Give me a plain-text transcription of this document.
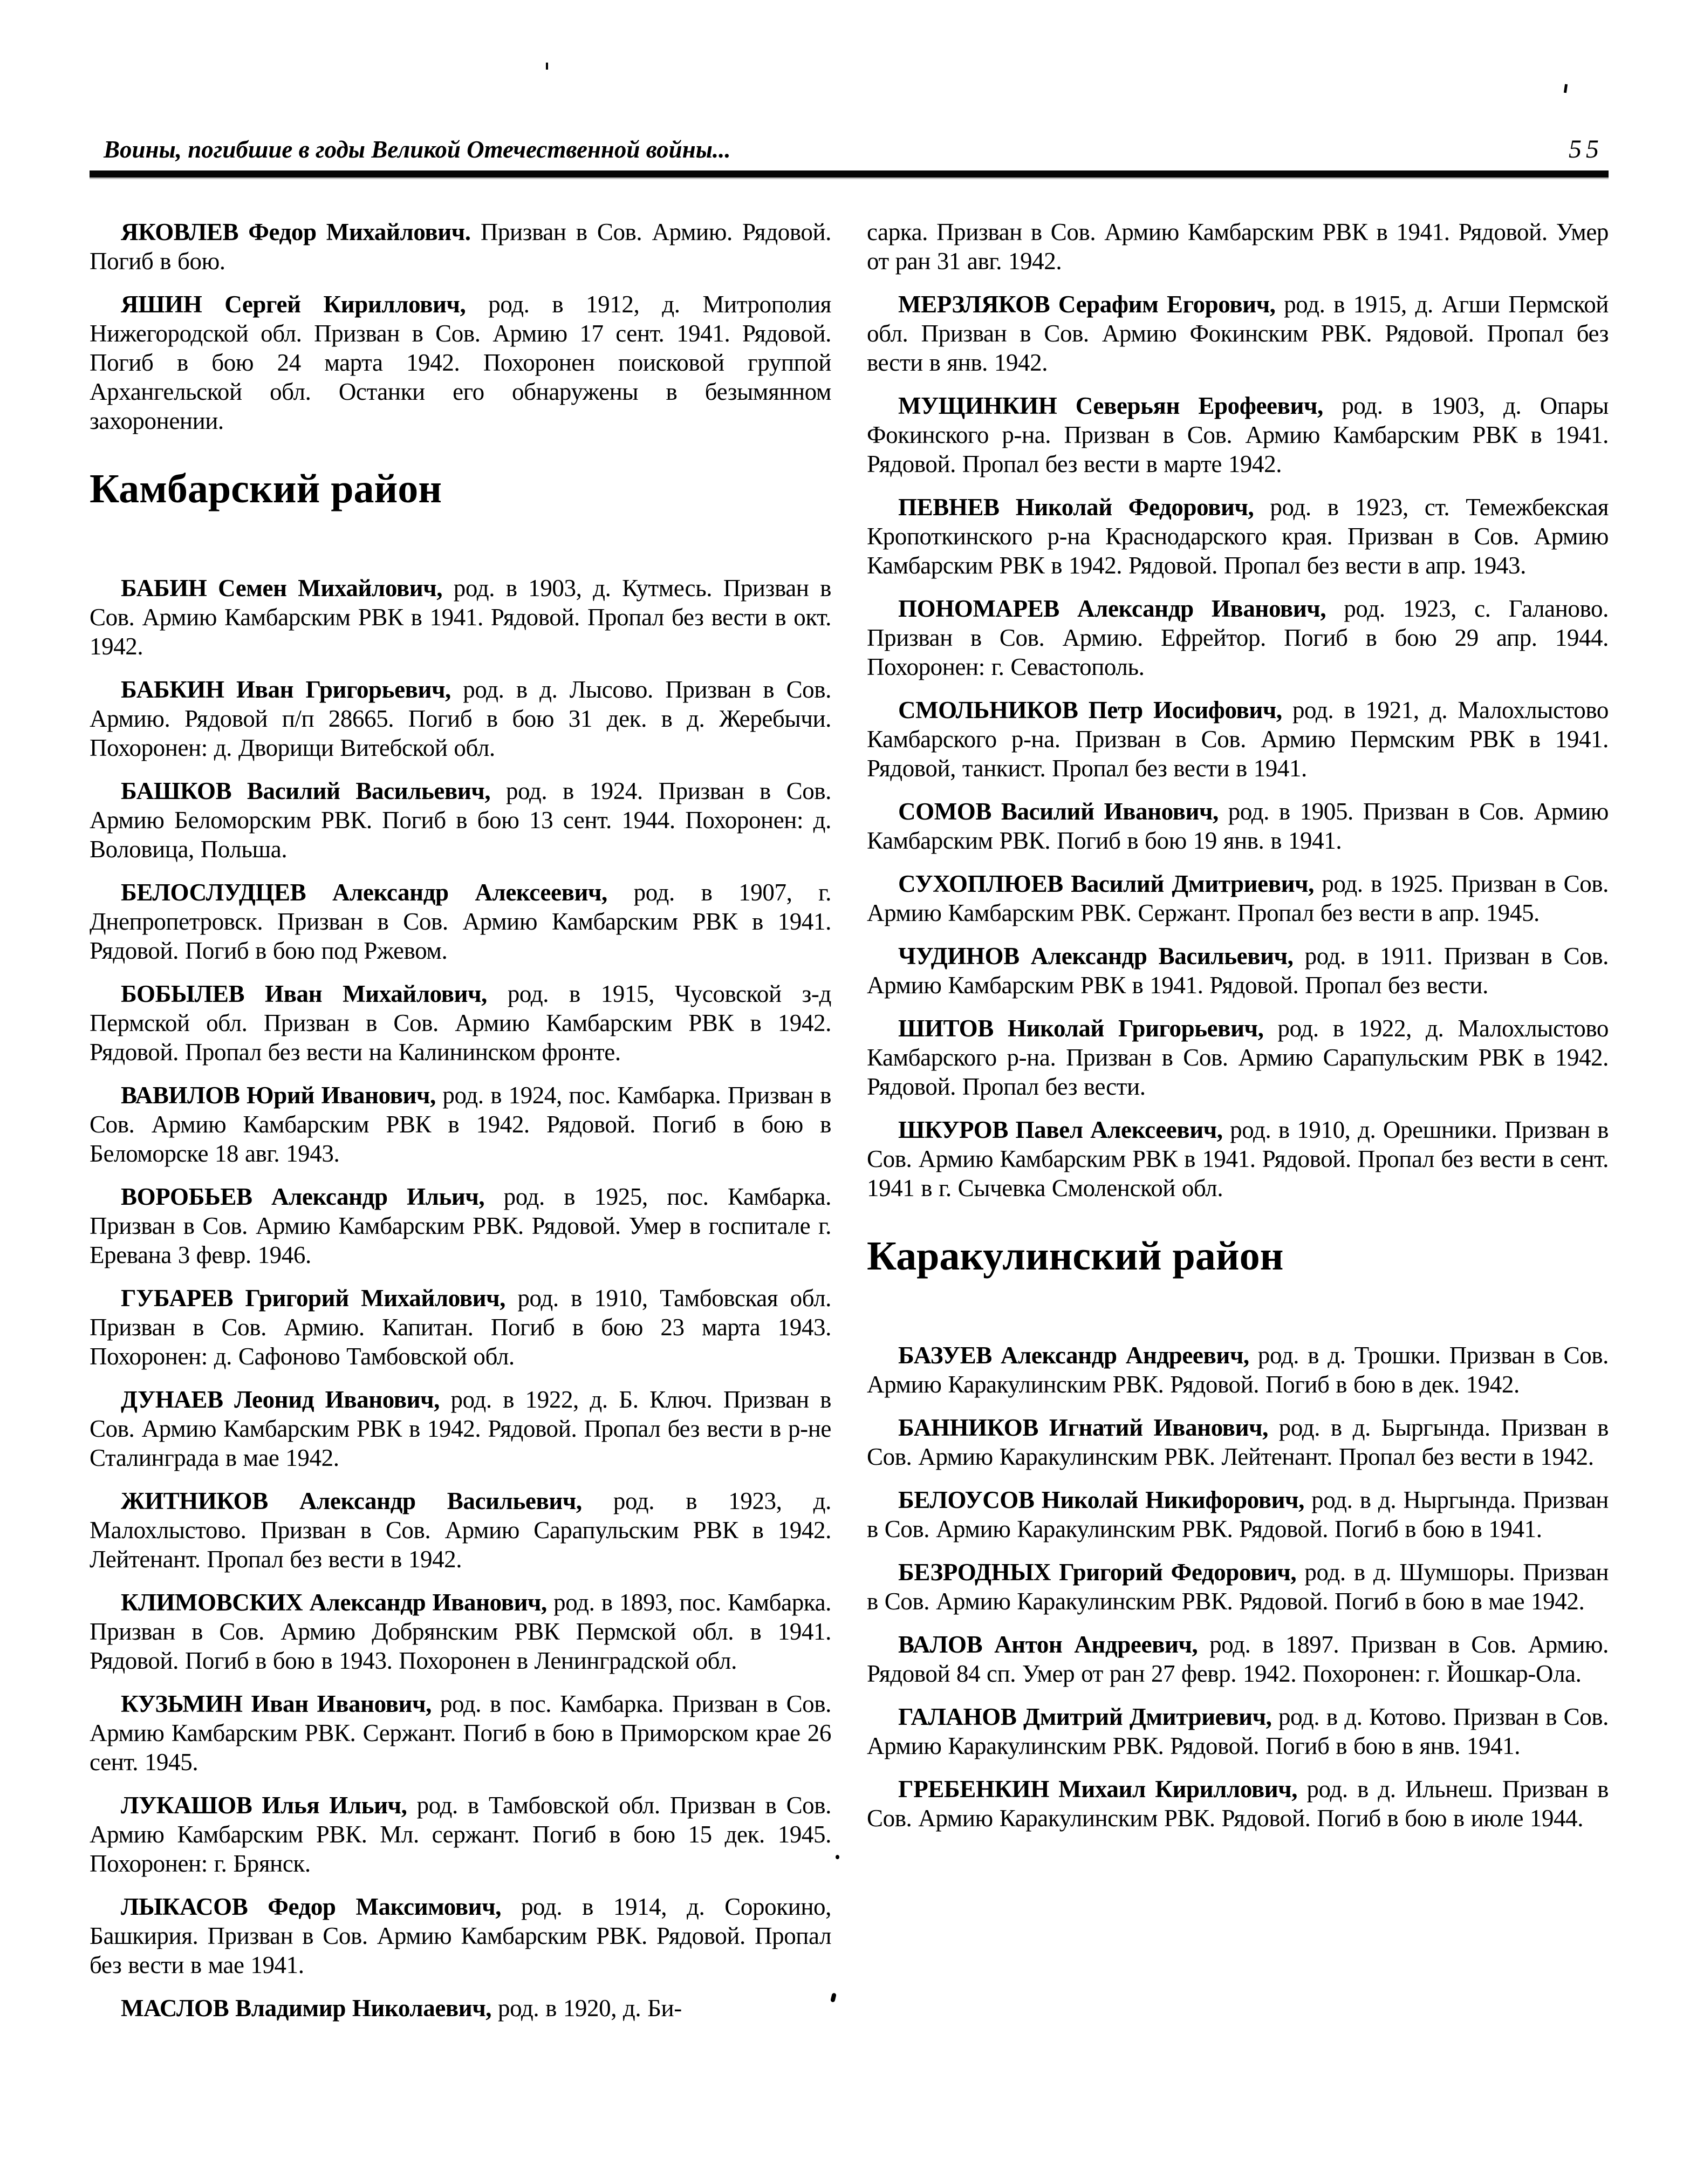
Воины, погибшие в годы Великой Отечественной войны...	55

ЯКОВЛЕВ Федор Михайлович. Призван в Сов. Армию. Рядовой. Погиб в бою.

ЯШИН Сергей Кириллович, род. в 1912, д. Митрополия Нижегородской обл. Призван в Сов. Армию 17 сент. 1941. Рядовой. Погиб в бою 24 марта 1942. Похоронен поисковой группой Архангельской обл. Останки его обнаружены в безымянном захоронении.

Камбарский район

БАБИН Семен Михайлович, род. в 1903, д. Кутмесь. Призван в Сов. Армию Камбарским РВК в 1941. Рядовой. Пропал без вести в окт. 1942.

БАБКИН Иван Григорьевич, род. в д. Лысово. Призван в Сов. Армию. Рядовой п/п 28665. Погиб в бою 31 дек. в д. Жеребычи. Похоронен: д. Дворищи Витебской обл.

БАШКОВ Василий Васильевич, род. в 1924. Призван в Сов. Армию Беломорским РВК. Погиб в бою 13 сент. 1944. Похоронен: д. Воловица, Польша.

БЕЛОСЛУДЦЕВ Александр Алексеевич, род. в 1907, г. Днепропетровск. Призван в Сов. Армию Камбарским РВК в 1941. Рядовой. Погиб в бою под Ржевом.

БОБЫЛЕВ Иван Михайлович, род. в 1915, Чусовской з-д Пермской обл. Призван в Сов. Армию Камбарским РВК в 1942. Рядовой. Пропал без вести на Калининском фронте.

ВАВИЛОВ Юрий Иванович, род. в 1924, пос. Камбарка. Призван в Сов. Армию Камбарским РВК в 1942. Рядовой. Погиб в бою в Беломорске 18 авг. 1943.

ВОРОБЬЕВ Александр Ильич, род. в 1925, пос. Камбарка. Призван в Сов. Армию Камбарским РВК. Рядовой. Умер в госпитале г. Еревана 3 февр. 1946.

ГУБАРЕВ Григорий Михайлович, род. в 1910, Тамбовская обл. Призван в Сов. Армию. Капитан. Погиб в бою 23 марта 1943. Похоронен: д. Сафоново Тамбовской обл.

ДУНАЕВ Леонид Иванович, род. в 1922, д. Б. Ключ. Призван в Сов. Армию Камбарским РВК в 1942. Рядовой. Пропал без вести в р-не Сталинграда в мае 1942.

ЖИТНИКОВ Александр Васильевич, род. в 1923, д. Малохлыстово. Призван в Сов. Армию Сарапульским РВК в 1942. Лейтенант. Пропал без вести в 1942.

КЛИМОВСКИХ Александр Иванович, род. в 1893, пос. Камбарка. Призван в Сов. Армию Добрянским РВК Пермской обл. в 1941. Рядовой. Погиб в бою в 1943. Похоронен в Ленинградской обл.

КУЗЬМИН Иван Иванович, род. в пос. Камбарка. Призван в Сов. Армию Камбарским РВК. Сержант. Погиб в бою в Приморском крае 26 сент. 1945.

ЛУКАШОВ Илья Ильич, род. в Тамбовской обл. Призван в Сов. Армию Камбарским РВК. Мл. сержант. Погиб в бою 15 дек. 1945. Похоронен: г. Брянск.

ЛЫКАСОВ Федор Максимович, род. в 1914, д. Сорокино, Башкирия. Призван в Сов. Армию Камбарским РВК. Рядовой. Пропал без вести в мае 1941.

МАСЛОВ Владимир Николаевич, род. в 1920, д. Би-

сарка. Призван в Сов. Армию Камбарским РВК в 1941. Рядовой. Умер от ран 31 авг. 1942.

МЕРЗЛЯКОВ Серафим Егорович, род. в 1915, д. Агши Пермской обл. Призван в Сов. Армию Фокинским РВК. Рядовой. Пропал без вести в янв. 1942.

МУЩИНКИН Северьян Ерофеевич, род. в 1903, д. Опары Фокинского р-на. Призван в Сов. Армию Камбарским РВК в 1941. Рядовой. Пропал без вести в марте 1942.

ПЕВНЕВ Николай Федорович, род. в 1923, ст. Темежбекская Кропоткинского р-на Краснодарского края. Призван в Сов. Армию Камбарским РВК в 1942. Рядовой. Пропал без вести в апр. 1943.

ПОНОМАРЕВ Александр Иванович, род. 1923, с. Галаново. Призван в Сов. Армию. Ефрейтор. Погиб в бою 29 апр. 1944. Похоронен: г. Севастополь.

СМОЛЬНИКОВ Петр Иосифович, род. в 1921, д. Малохлыстово Камбарского р-на. Призван в Сов. Армию Пермским РВК в 1941. Рядовой, танкист. Пропал без вести в 1941.

СОМОВ Василий Иванович, род. в 1905. Призван в Сов. Армию Камбарским РВК. Погиб в бою 19 янв. в 1941.

СУХОПЛЮЕВ Василий Дмитриевич, род. в 1925. Призван в Сов. Армию Камбарским РВК. Сержант. Пропал без вести в апр. 1945.

ЧУДИНОВ Александр Васильевич, род. в 1911. Призван в Сов. Армию Камбарским РВК в 1941. Рядовой. Пропал без вести.

ШИТОВ Николай Григорьевич, род. в 1922, д. Малохлыстово Камбарского р-на. Призван в Сов. Армию Сарапульским РВК в 1942. Рядовой. Пропал без вести.

ШКУРОВ Павел Алексеевич, род. в 1910, д. Орешники. Призван в Сов. Армию Камбарским РВК в 1941. Рядовой. Пропал без вести в сент. 1941 в г. Сычевка Смоленской обл.

Каракулинский район

БАЗУЕВ Александр Андреевич, род. в д. Трошки. Призван в Сов. Армию Каракулинским РВК. Рядовой. Погиб в бою в дек. 1942.

БАННИКОВ Игнатий Иванович, род. в д. Быргында. Призван в Сов. Армию Каракулинским РВК. Лейтенант. Пропал без вести в 1942.

БЕЛОУСОВ Николай Никифорович, род. в д. Ныргында. Призван в Сов. Армию Каракулинским РВК. Рядовой. Погиб в бою в 1941.

БЕЗРОДНЫХ Григорий Федорович, род. в д. Шумшоры. Призван в Сов. Армию Каракулинским РВК. Рядовой. Погиб в бою в мае 1942.

ВАЛОВ Антон Андреевич, род. в 1897. Призван в Сов. Армию. Рядовой 84 сп. Умер от ран 27 февр. 1942. Похоронен: г. Йошкар-Ола.

ГАЛАНОВ Дмитрий Дмитриевич, род. в д. Котово. Призван в Сов. Армию Каракулинским РВК. Рядовой. Погиб в бою в янв. 1941.

ГРЕБЕНКИН Михаил Кириллович, род. в д. Ильнеш. Призван в Сов. Армию Каракулинским РВК. Рядовой. Погиб в бою в июле 1944.
